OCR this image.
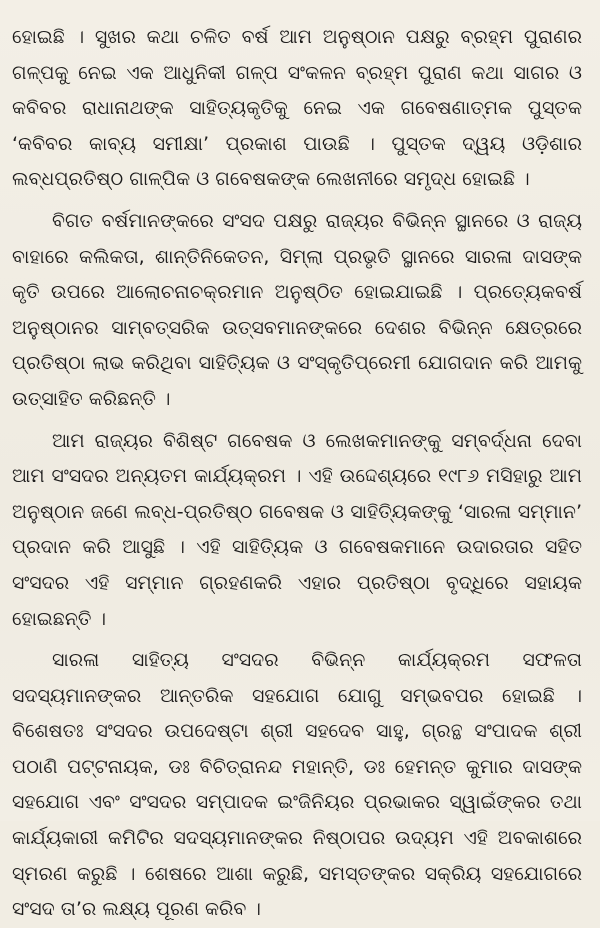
ହୋଇଛି । ସୁଖର କଥା ଚଳିତ ବର୍ଷ ଆମ ଅନୁଷ୍ଠାନ ପକ୍ଷରୁ ବ୍ରହ୍ମ ପୁରାଣର ଗଳ୍ପକୁ ନେଇ ଏକ ଆଧୁନିକୀ ଗଳ୍ପ ସଂକଳନ ବ୍ରହ୍ମ ପୁରାଣ କଥା ସାଗର ଓ କବିବର ରାଧାନାଥଙ୍କ ସାହିତ୍ୟକୃତିକୁ ନେଇ ଏକ ଗବେଷଣାତ୍ମକ ପୁସ୍ତକ ‘କବିବର କାବ୍ୟ ସମୀକ୍ଷା’ ପ୍ରକାଶ ପାଉଛି । ପୁସ୍ତକ ଦ୍ୱୟ ଓଡ଼ିଶାର ଲବ୍ଧପ୍ରତିଷ୍ଠ ଗାଳ୍ପିକ ଓ ଗବେଷକଙ୍କ ଲେଖନୀରେ ସମୃଦ୍ଧ ହୋଇଛି ।

ବିଗତ ବର୍ଷମାନଙ୍କରେ ସଂସଦ ପକ୍ଷରୁ ରାଜ୍ୟର ବିଭିନ୍ନ ସ୍ଥାନରେ ଓ ରାଜ୍ୟ ବାହାରେ କଲିକତା, ଶାନ୍ତିନିକେତନ, ସିମ୍ଲା ପ୍ରଭୃତି ସ୍ଥାନରେ ସାରଳା ଦାସଙ୍କ କୃତି ଉପରେ ଆଲୋଚନାଚକ୍ରମାନ ଅନୁଷ୍ଠିତ ହୋଇଯାଇଛି । ପ୍ରତ୍ୟେକବର୍ଷ ଅନୁଷ୍ଠାନର ସାମ୍ବତ୍ସରିକ ଉତ୍ସବମାନଙ୍କରେ ଦେଶର ବିଭିନ୍ନ କ୍ଷେତ୍ରରେ ପ୍ରତିଷ୍ଠା ଲାଭ କରିଥିବା ସାହିତ୍ୟିକ ଓ ସଂସ୍କୃତିପ୍ରେମୀ ଯୋଗଦାନ କରି ଆମକୁ ଉତ୍ସାହିତ କରିଛନ୍ତି ।

ଆମ ରାଜ୍ୟର ବିଶିଷ୍ଟ ଗବେଷକ ଓ ଲେଖକମାନଙ୍କୁ ସମ୍ବର୍ଦ୍ଧନା ଦେବା ଆମ ସଂସଦର ଅନ୍ୟତମ କାର୍ଯ୍ୟକ୍ରମ । ଏହି ଉଦ୍ଦେଶ୍ୟରେ ୧୯୮୬ ମସିହାରୁ ଆମ ଅନୁଷ୍ଠାନ ଜଣେ ଲବ୍ଧ-ପ୍ରତିଷ୍ଠ ଗବେଷକ ଓ ସାହିତ୍ୟିକଙ୍କୁ ‘ସାରଳା ସମ୍ମାନ’ ପ୍ରଦାନ କରି ଆସୁଛି । ଏହି ସାହିତ୍ୟିକ ଓ ଗବେଷକମାନେ ଉଦାରତାର ସହିତ ସଂସଦର ଏହି ସମ୍ମାନ ଗ୍ରହଣକରି ଏହାର ପ୍ରତିଷ୍ଠା ବୃଦ୍ଧିରେ ସହାୟକ ହୋଇଛନ୍ତି ।

ସାରଳା ସାହିତ୍ୟ ସଂସଦର ବିଭିନ୍ନ କାର୍ଯ୍ୟକ୍ରମ ସଫଳତା ସଦସ୍ୟମାନଙ୍କର ଆନ୍ତରିକ ସହଯୋଗ ଯୋଗୁ ସମ୍ଭବପର ହୋଇଛି । ବିଶେଷତଃ ସଂସଦର ଉପଦେଷ୍ଟା ଶ୍ରୀ ସହଦେବ ସାହୁ, ଗ୍ରନ୍ଥ ସଂପାଦକ ଶ୍ରୀ ପଠାଣି ପଟ୍ଟନାୟକ, ଡଃ ବିଚିତ୍ରାନନ୍ଦ ମହାନ୍ତି, ଡଃ ହେମନ୍ତ କୁମାର ଦାସଙ୍କ ସହଯୋଗ ଏବଂ ସଂସଦର ସମ୍ପାଦକ ଇଂଜିନିୟର ପ୍ରଭାକର ସ୍ୱାଇଁଙ୍କର ତଥା କାର୍ଯ୍ୟକାରୀ କମିଟିର ସଦସ୍ୟମାନଙ୍କର ନିଷ୍ଠାପର ଉଦ୍ୟମ ଏହି ଅବକାଶରେ ସ୍ମରଣ କରୁଛି । ଶେଷରେ ଆଶା କରୁଛି, ସମସ୍ତଙ୍କର ସକ୍ରିୟ ସହଯୋଗରେ ସଂସଦ ତା’ର ଲକ୍ଷ୍ୟ ପୂରଣ କରିବ ।
